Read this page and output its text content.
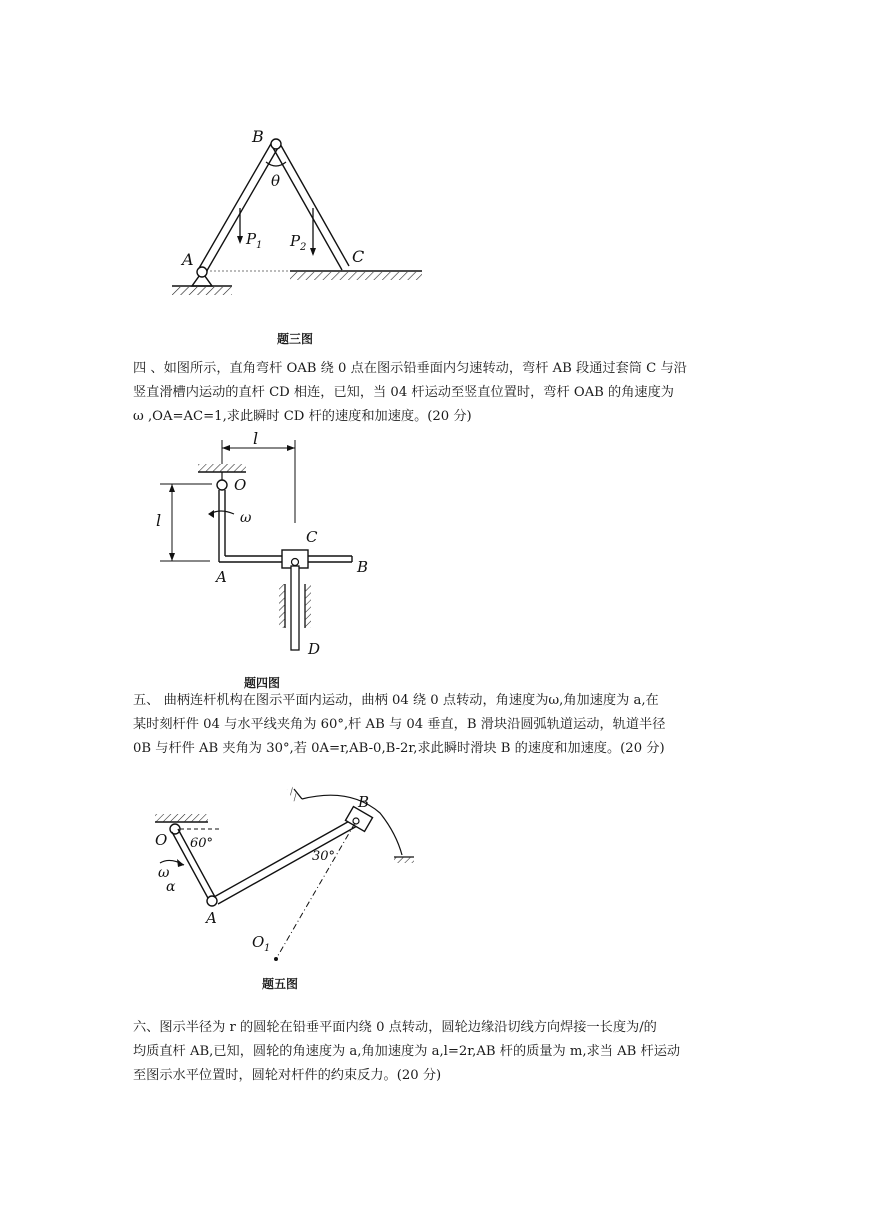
B
θ
P 1 P 2
A	C
题三图
四 、如图所示，直角弯杆 OAB 绕 0 点在图示铅垂面内匀速转动，弯杆 AB 段通过套筒 C 与沿
竖直滑槽内运动的直杆 CD 相连，已知，当 04 杆运动至竖直位置时，弯杆 OAB 的角速度为
ω ,OA=AC=1,求此瞬时 CD 杆的速度和加速度。(20 分)
l
O
l	ω
C
B
A
D
题四图
五、 曲柄连杆机构在图示平面内运动，曲柄 04 绕 0 点转动，角速度为ω,角加速度为 a,在
某时刻杆件 04 与水平线夹角为 60°,杆 AB 与 04 垂直，B 滑块沿圆弧轨道运动，轨道半径
0B 与杆件 AB 夹角为 30°,若 0A=r,AB-0,B-2r,求此瞬时滑块 B 的速度和加速度。(20 分)
O 60°
ω
α
A
B
30°
O 1
题五图
六、图示半径为 r 的圆轮在铅垂平面内绕 0 点转动，圆轮边缘沿切线方向焊接一长度为/的
均质直杆 AB,已知，圆轮的角速度为 a,角加速度为 a,l=2r,AB 杆的质量为 m,求当 AB 杆运动
至图示水平位置时，圆轮对杆件的约束反力。(20 分)
